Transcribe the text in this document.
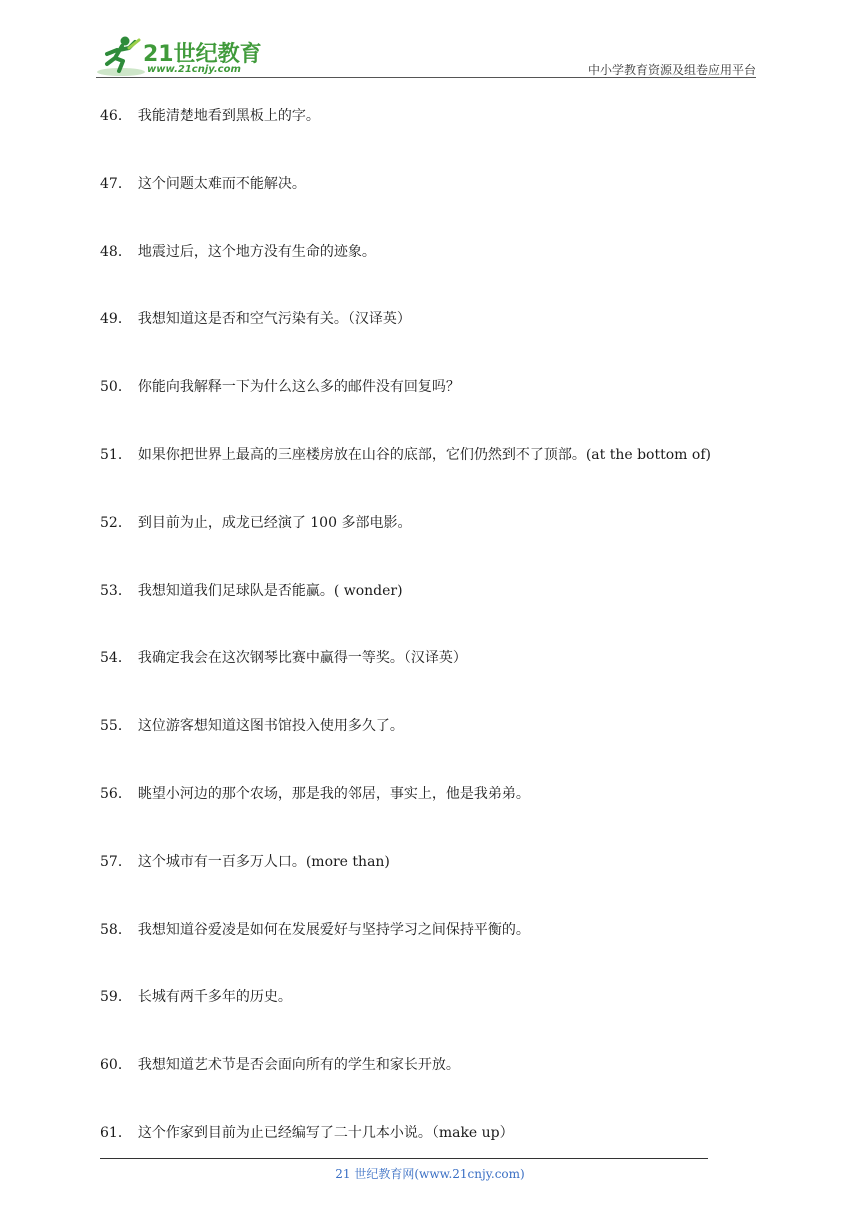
21世纪教育
www.21cnjy.com	中小学教育资源及组卷应用平台
46． 我能清楚地看到黑板上的字。
47． 这个问题太难而不能解决。
48． 地震过后，这个地方没有生命的迹象。
49． 我想知道这是否和空气污染有关。（汉译英）
50． 你能向我解释一下为什么这么多的邮件没有回复吗？
51． 如果你把世界上最高的三座楼房放在山谷的底部，它们仍然到不了顶部。(at the bottom of)
52． 到目前为止，成龙已经演了 100 多部电影。
53． 我想知道我们足球队是否能赢。( wonder)
54． 我确定我会在这次钢琴比赛中赢得一等奖。（汉译英）
55． 这位游客想知道这图书馆投入使用多久了。
56． 眺望小河边的那个农场，那是我的邻居，事实上，他是我弟弟。
57． 这个城市有一百多万人口。(more than)
58． 我想知道谷爱凌是如何在发展爱好与坚持学习之间保持平衡的。
59． 长城有两千多年的历史。
60． 我想知道艺术节是否会面向所有的学生和家长开放。
61． 这个作家到目前为止已经编写了二十几本小说。（make up）
21 世纪教育网(www.21cnjy.com)
